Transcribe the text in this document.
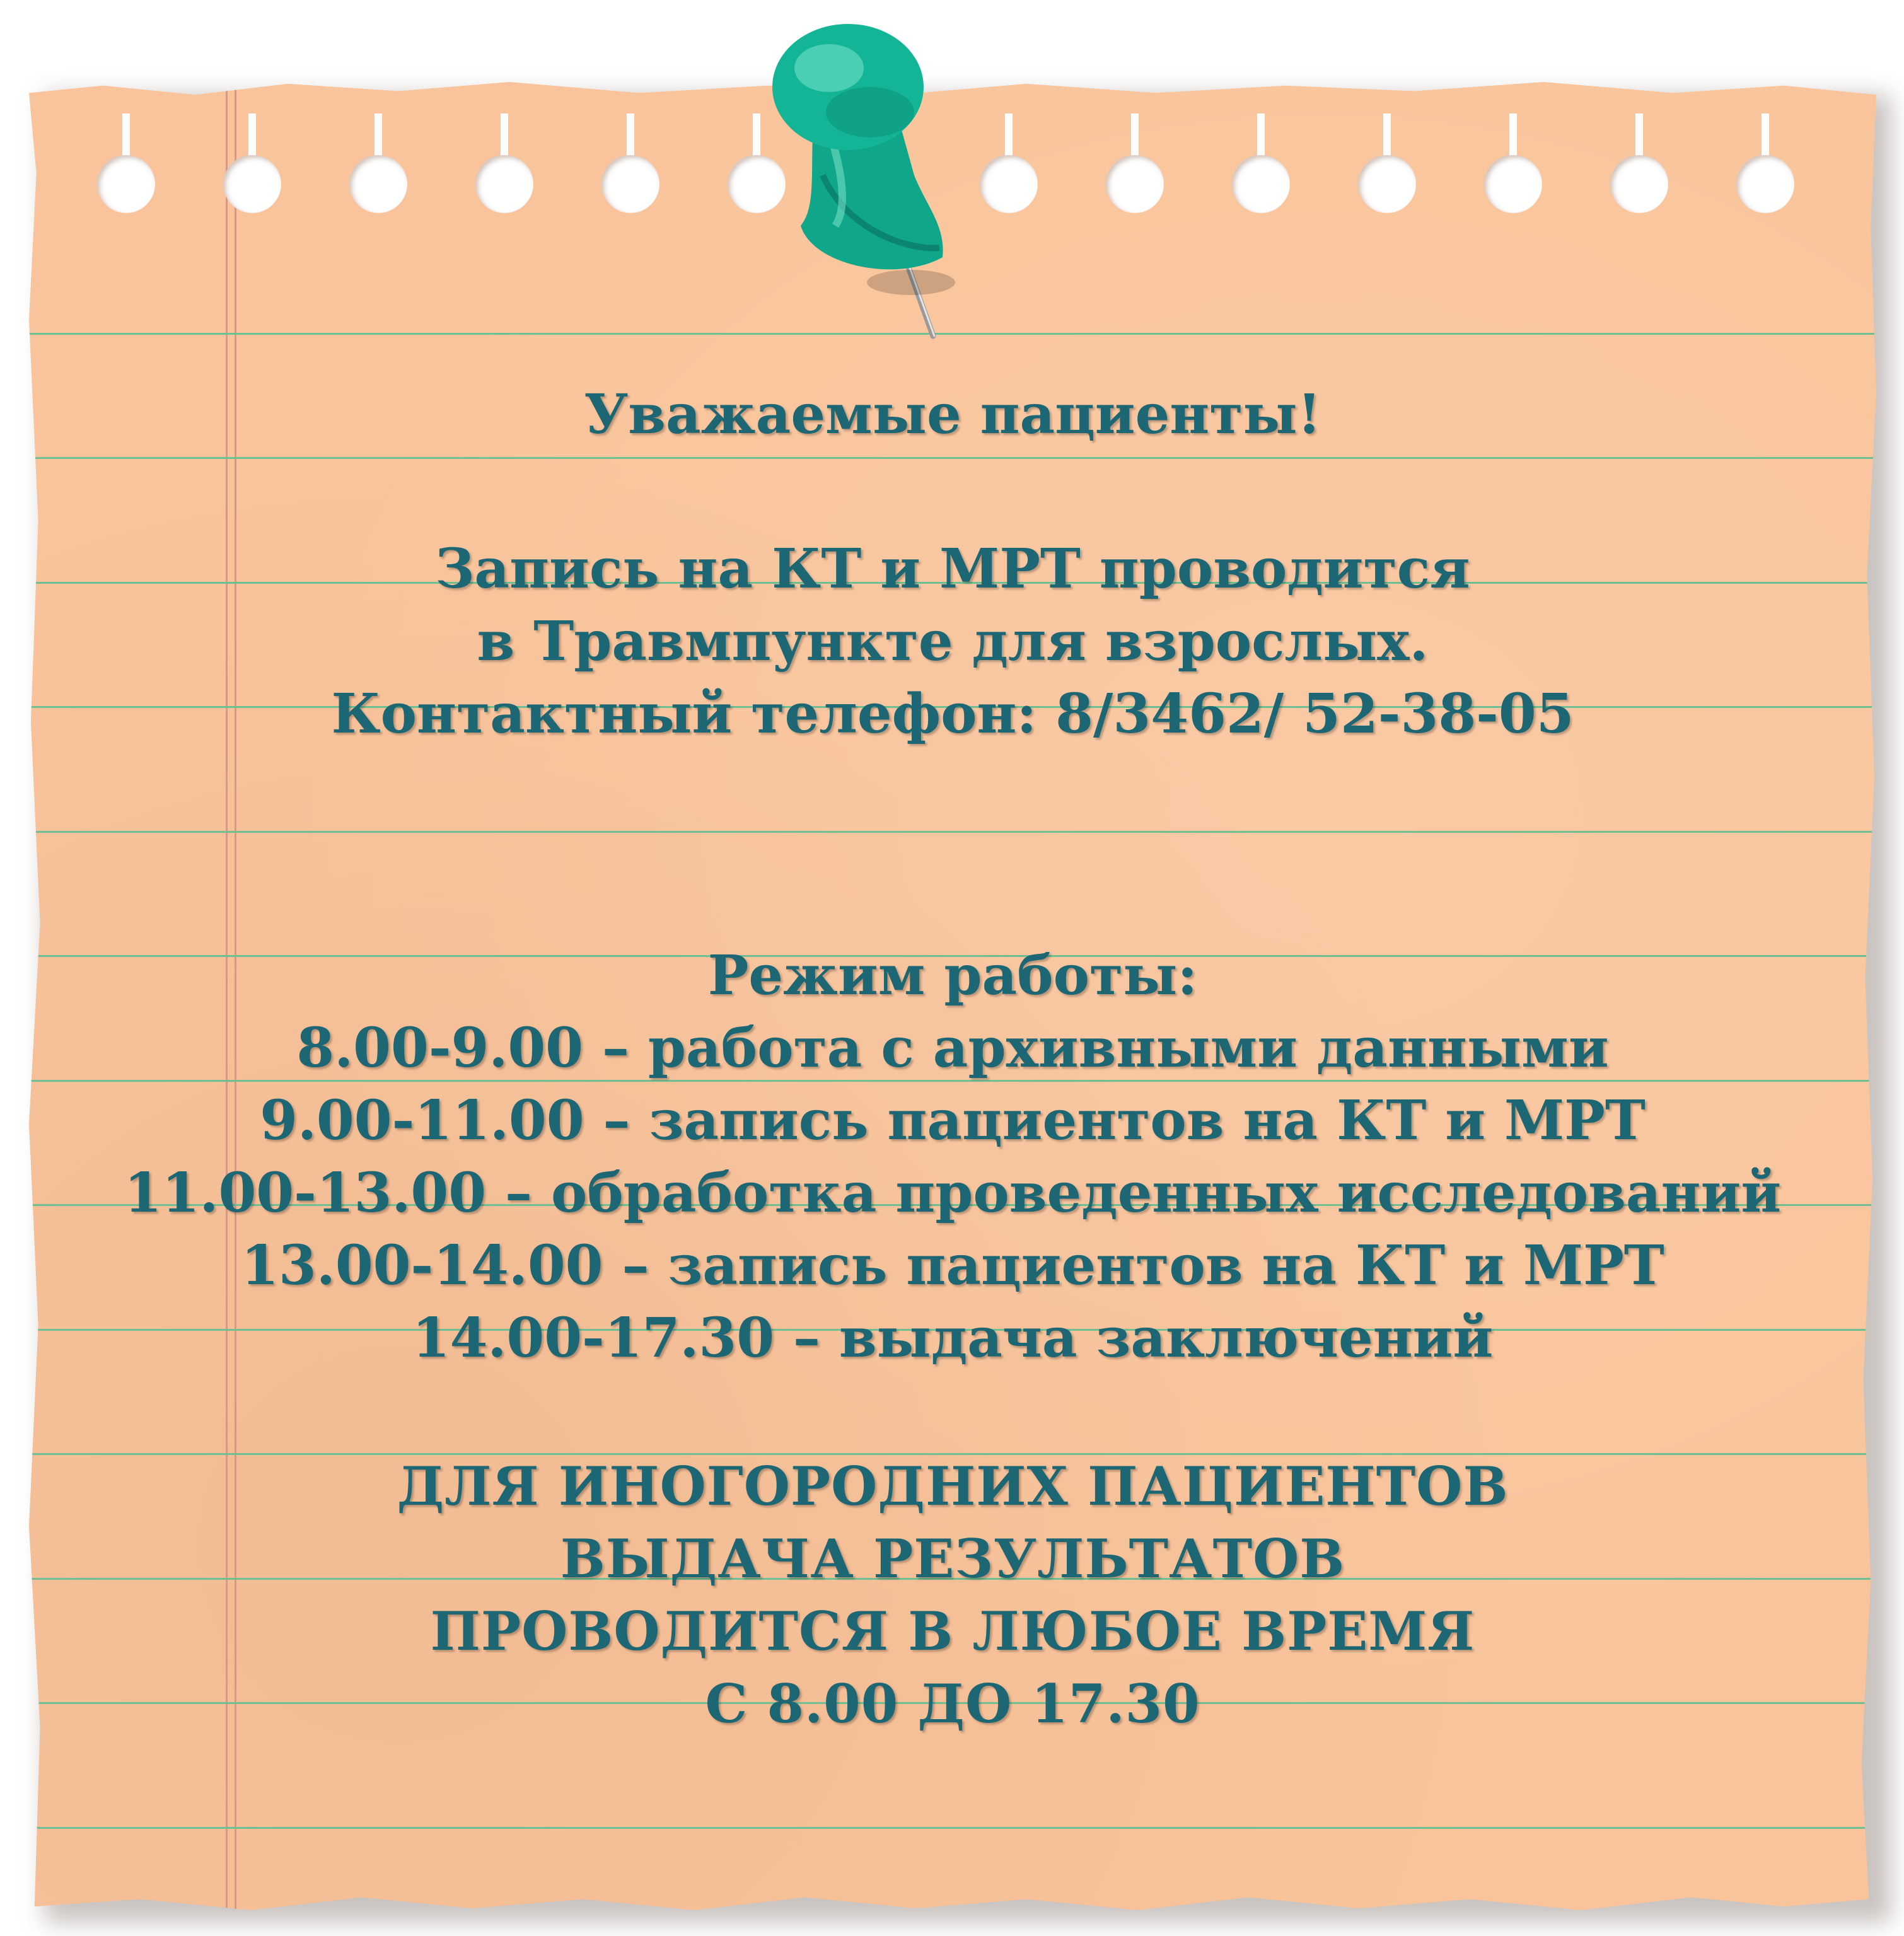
Уважаемые пациенты!
Запись на КТ и МРТ проводится
в Травмпункте для взрослых.
Контактный телефон: 8/3462/ 52-38-05
Режим работы:
8.00-9.00 – работа с архивными данными
9.00-11.00 – запись пациентов на КТ и МРТ
11.00-13.00 – обработка проведенных исследований
13.00-14.00 – запись пациентов на КТ и МРТ
14.00-17.30 – выдача заключений
ДЛЯ ИНОГОРОДНИХ ПАЦИЕНТОВ
ВЫДАЧА РЕЗУЛЬТАТОВ
ПРОВОДИТСЯ В ЛЮБОЕ ВРЕМЯ
С 8.00 ДО 17.30
